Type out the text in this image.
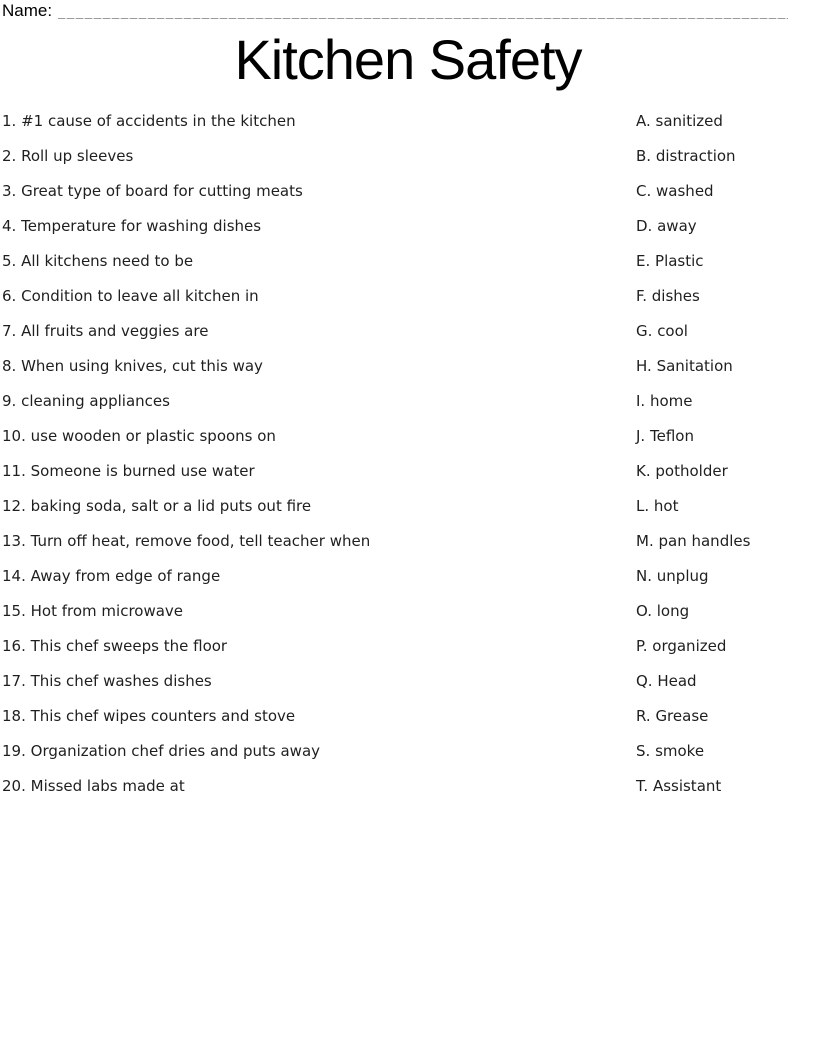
Name:
Kitchen Safety
1. #1 cause of accidents in the kitchen
2. Roll up sleeves
3. Great type of board for cutting meats
4. Temperature for washing dishes
5. All kitchens need to be
6. Condition to leave all kitchen in
7. All fruits and veggies are
8. When using knives, cut this way
9. cleaning appliances
10. use wooden or plastic spoons on
11. Someone is burned use water
12. baking soda, salt or a lid puts out fire
13. Turn off heat, remove food, tell teacher when
14. Away from edge of range
15. Hot from microwave
16. This chef sweeps the floor
17. This chef washes dishes
18. This chef wipes counters and stove
19. Organization chef dries and puts away
20. Missed labs made at
A. sanitized
B. distraction
C. washed
D. away
E. Plastic
F. dishes
G. cool
H. Sanitation
I. home
J. Teflon
K. potholder
L. hot
M. pan handles
N. unplug
O. long
P. organized
Q. Head
R. Grease
S. smoke
T. Assistant
